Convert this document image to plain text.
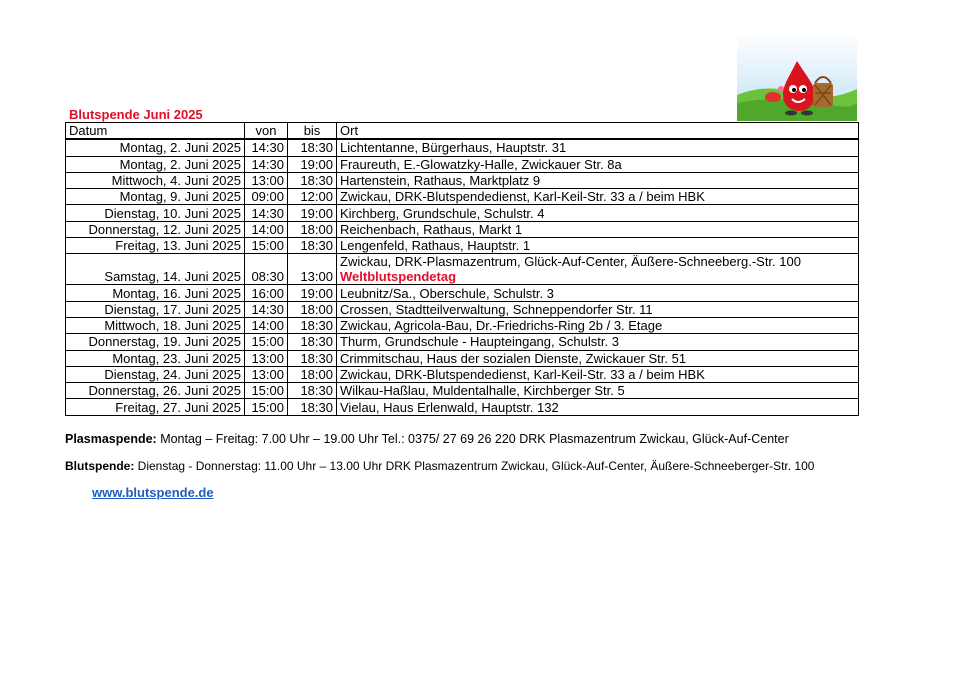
Blutspende Juni 2025
Datum	von	bis	Ort
Montag, 2. Juni 2025	14:30	18:30	Lichtentanne, Bürgerhaus, Hauptstr. 31
Montag, 2. Juni 2025	14:30	19:00	Fraureuth, E.-Glowatzky-Halle, Zwickauer Str. 8a
Mittwoch, 4. Juni 2025	13:00	18:30	Hartenstein, Rathaus, Marktplatz 9
Montag, 9. Juni 2025	09:00	12:00	Zwickau, DRK-Blutspendedienst, Karl-Keil-Str. 33 a / beim HBK
Dienstag, 10. Juni 2025	14:30	19:00	Kirchberg, Grundschule, Schulstr. 4
Donnerstag, 12. Juni 2025	14:00	18:00	Reichenbach, Rathaus, Markt 1
Freitag, 13. Juni 2025	15:00	18:30	Lengenfeld, Rathaus, Hauptstr. 1
Samstag, 14. Juni 2025	08:30	13:00	Zwickau, DRK-Plasmazentrum, Glück-Auf-Center, Äußere-Schneeberg.-Str. 100
Weltblutspendetag
Montag, 16. Juni 2025	16:00	19:00	Leubnitz/Sa., Oberschule, Schulstr. 3
Dienstag, 17. Juni 2025	14:30	18:00	Crossen, Stadtteilverwaltung, Schneppendorfer Str. 11
Mittwoch, 18. Juni 2025	14:00	18:30	Zwickau, Agricola-Bau, Dr.-Friedrichs-Ring 2b / 3. Etage
Donnerstag, 19. Juni 2025	15:00	18:30	Thurm, Grundschule - Haupteingang, Schulstr. 3
Montag, 23. Juni 2025	13:00	18:30	Crimmitschau, Haus der sozialen Dienste, Zwickauer Str. 51
Dienstag, 24. Juni 2025	13:00	18:00	Zwickau, DRK-Blutspendedienst, Karl-Keil-Str. 33 a / beim HBK
Donnerstag, 26. Juni 2025	15:00	18:30	Wilkau-Haßlau, Muldentalhalle, Kirchberger Str. 5
Freitag, 27. Juni 2025	15:00	18:30	Vielau, Haus Erlenwald, Hauptstr. 132
Plasmaspende: Montag – Freitag: 7.00 Uhr – 19.00 Uhr Tel.: 0375/ 27 69 26 220 DRK Plasmazentrum Zwickau, Glück-Auf-Center
Blutspende: Dienstag - Donnerstag: 11.00 Uhr – 13.00 Uhr DRK Plasmazentrum Zwickau, Glück-Auf-Center, Äußere-Schneeberger-Str. 100
www.blutspende.de
